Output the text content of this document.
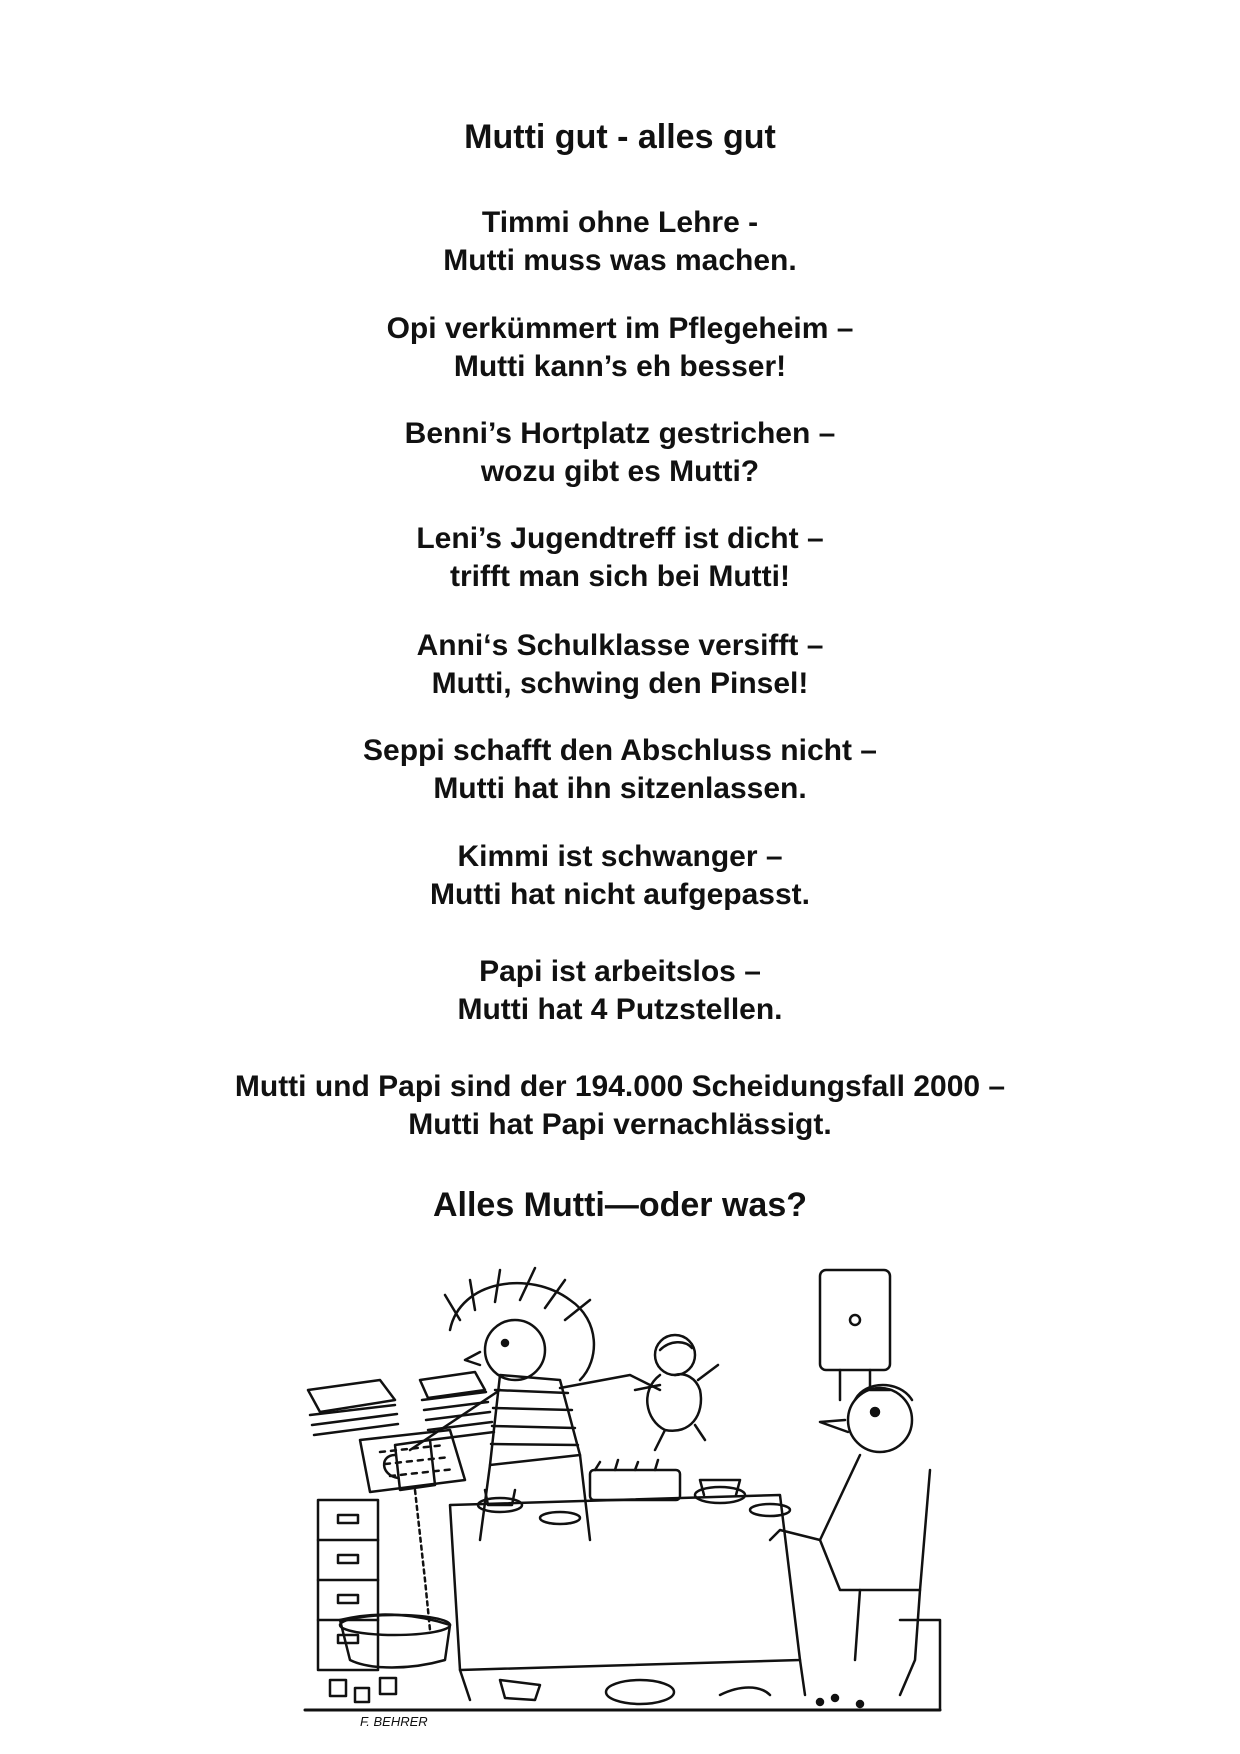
Mutti gut - alles gut
Timmi ohne Lehre -
Mutti muss was machen.
Opi verkümmert im Pflegeheim –
Mutti kann’s eh besser!
Benni’s Hortplatz gestrichen –
wozu gibt es Mutti?
Leni’s Jugendtreff ist dicht –
trifft man sich bei Mutti!
Anni‘s Schulklasse versifft –
Mutti, schwing den Pinsel!
Seppi schafft den Abschluss nicht –
Mutti hat ihn sitzenlassen.
Kimmi ist schwanger –
Mutti hat nicht aufgepasst.
Papi ist arbeitslos –
Mutti hat 4 Putzstellen.
Mutti und Papi sind der 194.000 Scheidungsfall 2000 –
Mutti hat Papi vernachlässigt.
Alles Mutti—oder was?
F. BEHRER
